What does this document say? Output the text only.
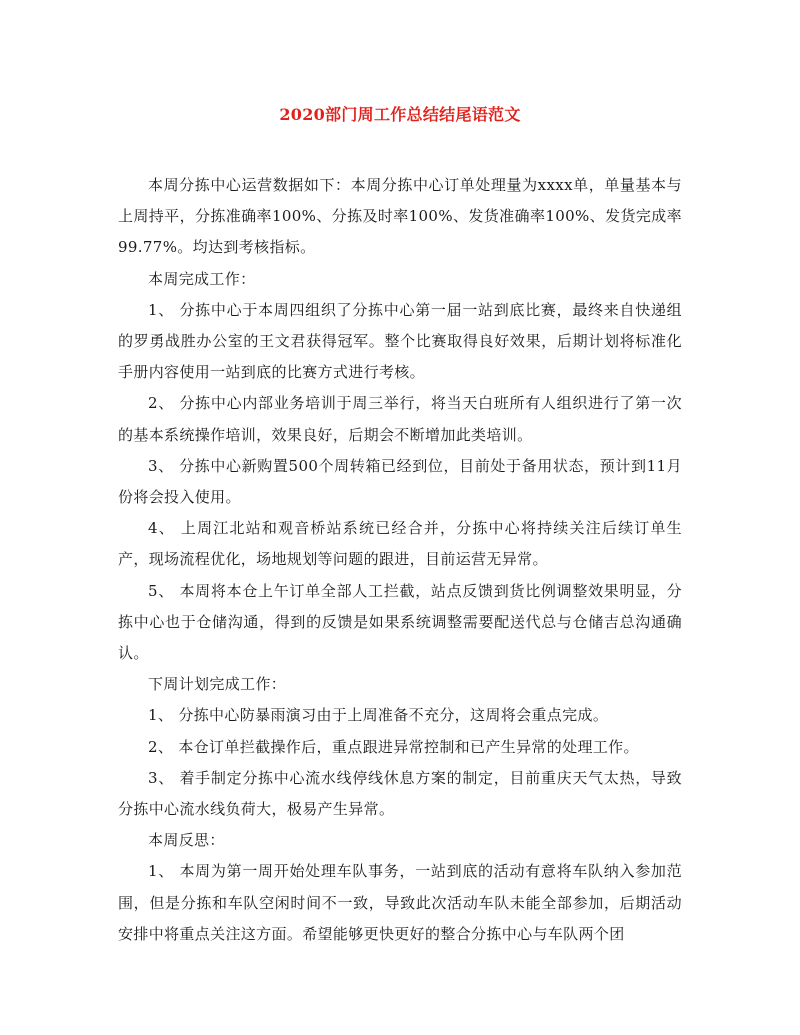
2020部门周工作总结结尾语范文

本周分拣中心运营数据如下：本周分拣中心订单处理量为xxxx单，单量基本与上周持平，分拣准确率100%、分拣及时率100%、发货准确率100%、发货完成率99.77%。均达到考核指标。

本周完成工作：

1、 分拣中心于本周四组织了分拣中心第一届一站到底比赛，最终来自快递组的罗勇战胜办公室的王文君获得冠军。整个比赛取得良好效果，后期计划将标准化手册内容使用一站到底的比赛方式进行考核。

2、 分拣中心内部业务培训于周三举行，将当天白班所有人组织进行了第一次的基本系统操作培训，效果良好，后期会不断增加此类培训。

3、 分拣中心新购置500个周转箱已经到位，目前处于备用状态，预计到11月份将会投入使用。

4、 上周江北站和观音桥站系统已经合并，分拣中心将持续关注后续订单生产，现场流程优化，场地规划等问题的跟进，目前运营无异常。

5、 本周将本仓上午订单全部人工拦截，站点反馈到货比例调整效果明显，分拣中心也于仓储沟通，得到的反馈是如果系统调整需要配送代总与仓储吉总沟通确认。

下周计划完成工作：

1、 分拣中心防暴雨演习由于上周准备不充分，这周将会重点完成。

2、 本仓订单拦截操作后，重点跟进异常控制和已产生异常的处理工作。

3、 着手制定分拣中心流水线停线休息方案的制定，目前重庆天气太热，导致分拣中心流水线负荷大，极易产生异常。

本周反思：

1、 本周为第一周开始处理车队事务，一站到底的活动有意将车队纳入参加范围，但是分拣和车队空闲时间不一致，导致此次活动车队未能全部参加，后期活动安排中将重点关注这方面。希望能够更快更好的整合分拣中心与车队两个团
